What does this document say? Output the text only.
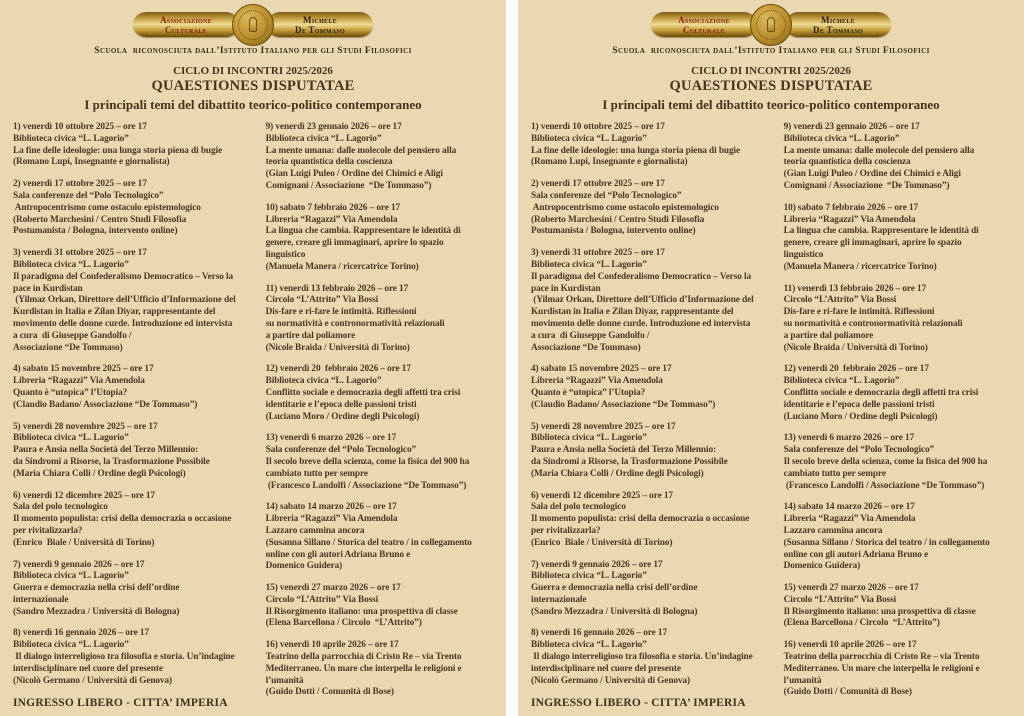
Associazione
Culturale
Michele
De Tommaso
Scuola  riconosciuta dall’Istituto Italiano per gli Studi Filosofici
CICLO DI INCONTRI 2025/2026
QUAESTIONES DISPUTATAE
I principali temi del dibattito teorico-politico contemporaneo
1) venerdì 10 ottobre 2025 – ore 17
Biblioteca civica “L. Lagorio”
La fine delle ideologie: una lunga storia piena di bugie
(Romano Lupi, Insegnante e giornalista)
2) venerdì 17 ottobre 2025 – ore 17
Sala conferenze del “Polo Tecnologico”
Antropocentrismo come ostacolo epistemologico
(Roberto Marchesini / Centro Studi Filosofia
Postumanista / Bologna, intervento online)
3) venerdì 31 ottobre 2025 – ore 17
Biblioteca civica “L. Lagorio”
Il paradigma del Confederalismo Democratico – Verso la
pace in Kurdistan
(Yilmaz Orkan, Direttore dell’Ufficio d’Informazione del
Kurdistan in Italia e Zilan Diyar, rappresentante del
movimento delle donne curde. Introduzione ed intervista
a cura  di Giuseppe Gandolfo /
Associazione “De Tommaso)
4) sabato 15 novembre 2025 – ore 17
Libreria “Ragazzi” Via Amendola
Quanto è “utopica” l’Utopia?
(Claudio Badano/ Associazione “De Tommaso”)
5) venerdì 28 novembre 2025 – ore 17
Biblioteca civica “L. Lagorio”
Paura e Ansia nella Società del Terzo Millennio:
da Sindromi a Risorse, la Trasformazione Possibile
(Maria Chiara Colli / Ordine degli Psicologi)
6) venerdì 12 dicembre 2025 – ore 17
Sala del polo tecnologico
Il momento populista: crisi della democrazia o occasione
per rivitalizzarla?
(Enrico  Biale / Università di Torino)
7) venerdì 9 gennaio 2026 – ore 17
Biblioteca civica “L. Lagorio”
Guerra e democrazia nella crisi dell’ordine
internazionale
(Sandro Mezzadra / Università di Bologna)
8) venerdì 16 gennaio 2026 – ore 17
Biblioteca civica “L. Lagorio”
Il dialogo interreligioso tra filosofia e storia. Un’indagine
interdisciplinare nel cuore del presente
(Nicolò Germano / Università di Genova)
9) venerdì 23 gennaio 2026 – ore 17
Biblioteca civica “L. Lagorio”
La mente umana: dalle molecole del pensiero alla
teoria quantistica della coscienza
(Gian Luigi Puleo / Ordine dei Chimici e Aligi
Comignani / Associazione  “De Tommaso”)
10) sabato 7 febbraio 2026 – ore 17
Libreria “Ragazzi” Via Amendola
La lingua che cambia. Rappresentare le identità di
genere, creare gli immaginari, aprire lo spazio
linguistico
(Manuela Manera / ricercatrice Torino)
11) venerdì 13 febbraio 2026 – ore 17
Circolo “L’Attrito” Via Bossi
Dis-fare e ri-fare le intimità. Riflessioni
su normatività e contronormatività relazionali
a partire dal poliamore
(Nicole Braida / Università di Torino)
12) venerdì 20  febbraio 2026 – ore 17
Biblioteca civica “L. Lagorio”
Conflitto sociale e democrazia degli affetti tra crisi
identitarie e l’epoca delle passioni tristi
(Luciano Moro / Ordine degli Psicologi)
13) venerdì 6 marzo 2026 – ore 17
Sala conferenze del “Polo Tecnologico”
Il secolo breve della scienza, come la fisica del 900 ha
cambiato tutto per sempre
(Francesco Landolfi / Associazione “De Tommaso”)
14) sabato 14 marzo 2026 – ore 17
Libreria “Ragazzi” Via Amendola
Lazzaro cammina ancora
(Susanna Sillano / Storica del teatro / in collegamento
online con gli autori Adriana Bruno e
Domenico Guidera)
15) venerdì 27 marzo 2026 – ore 17
Circolo “L’Attrito” Via Bossi
Il Risorgimento italiano: una prospettiva di classe
(Elena Barcellona / Circolo  “L’Attrito”)
16) venerdì 10 aprile 2026 – ore 17
Teatrino della parrocchia di Cristo Re – via Trento
Mediterraneo. Un mare che interpella le religioni e
l’umanità
(Guido Dotti / Comunità di Bose)
INGRESSO LIBERO - CITTA’ IMPERIA
Associazione
Culturale
Michele
De Tommaso
Scuola  riconosciuta dall’Istituto Italiano per gli Studi Filosofici
CICLO DI INCONTRI 2025/2026
QUAESTIONES DISPUTATAE
I principali temi del dibattito teorico-politico contemporaneo
1) venerdì 10 ottobre 2025 – ore 17
Biblioteca civica “L. Lagorio”
La fine delle ideologie: una lunga storia piena di bugie
(Romano Lupi, Insegnante e giornalista)
2) venerdì 17 ottobre 2025 – ore 17
Sala conferenze del “Polo Tecnologico”
Antropocentrismo come ostacolo epistemologico
(Roberto Marchesini / Centro Studi Filosofia
Postumanista / Bologna, intervento online)
3) venerdì 31 ottobre 2025 – ore 17
Biblioteca civica “L. Lagorio”
Il paradigma del Confederalismo Democratico – Verso la
pace in Kurdistan
(Yilmaz Orkan, Direttore dell’Ufficio d’Informazione del
Kurdistan in Italia e Zilan Diyar, rappresentante del
movimento delle donne curde. Introduzione ed intervista
a cura  di Giuseppe Gandolfo /
Associazione “De Tommaso)
4) sabato 15 novembre 2025 – ore 17
Libreria “Ragazzi” Via Amendola
Quanto è “utopica” l’Utopia?
(Claudio Badano/ Associazione “De Tommaso”)
5) venerdì 28 novembre 2025 – ore 17
Biblioteca civica “L. Lagorio”
Paura e Ansia nella Società del Terzo Millennio:
da Sindromi a Risorse, la Trasformazione Possibile
(Maria Chiara Colli / Ordine degli Psicologi)
6) venerdì 12 dicembre 2025 – ore 17
Sala del polo tecnologico
Il momento populista: crisi della democrazia o occasione
per rivitalizzarla?
(Enrico  Biale / Università di Torino)
7) venerdì 9 gennaio 2026 – ore 17
Biblioteca civica “L. Lagorio”
Guerra e democrazia nella crisi dell’ordine
internazionale
(Sandro Mezzadra / Università di Bologna)
8) venerdì 16 gennaio 2026 – ore 17
Biblioteca civica “L. Lagorio”
Il dialogo interreligioso tra filosofia e storia. Un’indagine
interdisciplinare nel cuore del presente
(Nicolò Germano / Università di Genova)
9) venerdì 23 gennaio 2026 – ore 17
Biblioteca civica “L. Lagorio”
La mente umana: dalle molecole del pensiero alla
teoria quantistica della coscienza
(Gian Luigi Puleo / Ordine dei Chimici e Aligi
Comignani / Associazione  “De Tommaso”)
10) sabato 7 febbraio 2026 – ore 17
Libreria “Ragazzi” Via Amendola
La lingua che cambia. Rappresentare le identità di
genere, creare gli immaginari, aprire lo spazio
linguistico
(Manuela Manera / ricercatrice Torino)
11) venerdì 13 febbraio 2026 – ore 17
Circolo “L’Attrito” Via Bossi
Dis-fare e ri-fare le intimità. Riflessioni
su normatività e contronormatività relazionali
a partire dal poliamore
(Nicole Braida / Università di Torino)
12) venerdì 20  febbraio 2026 – ore 17
Biblioteca civica “L. Lagorio”
Conflitto sociale e democrazia degli affetti tra crisi
identitarie e l’epoca delle passioni tristi
(Luciano Moro / Ordine degli Psicologi)
13) venerdì 6 marzo 2026 – ore 17
Sala conferenze del “Polo Tecnologico”
Il secolo breve della scienza, come la fisica del 900 ha
cambiato tutto per sempre
(Francesco Landolfi / Associazione “De Tommaso”)
14) sabato 14 marzo 2026 – ore 17
Libreria “Ragazzi” Via Amendola
Lazzaro cammina ancora
(Susanna Sillano / Storica del teatro / in collegamento
online con gli autori Adriana Bruno e
Domenico Guidera)
15) venerdì 27 marzo 2026 – ore 17
Circolo “L’Attrito” Via Bossi
Il Risorgimento italiano: una prospettiva di classe
(Elena Barcellona / Circolo  “L’Attrito”)
16) venerdì 10 aprile 2026 – ore 17
Teatrino della parrocchia di Cristo Re – via Trento
Mediterraneo. Un mare che interpella le religioni e
l’umanità
(Guido Dotti / Comunità di Bose)
INGRESSO LIBERO - CITTA’ IMPERIA
